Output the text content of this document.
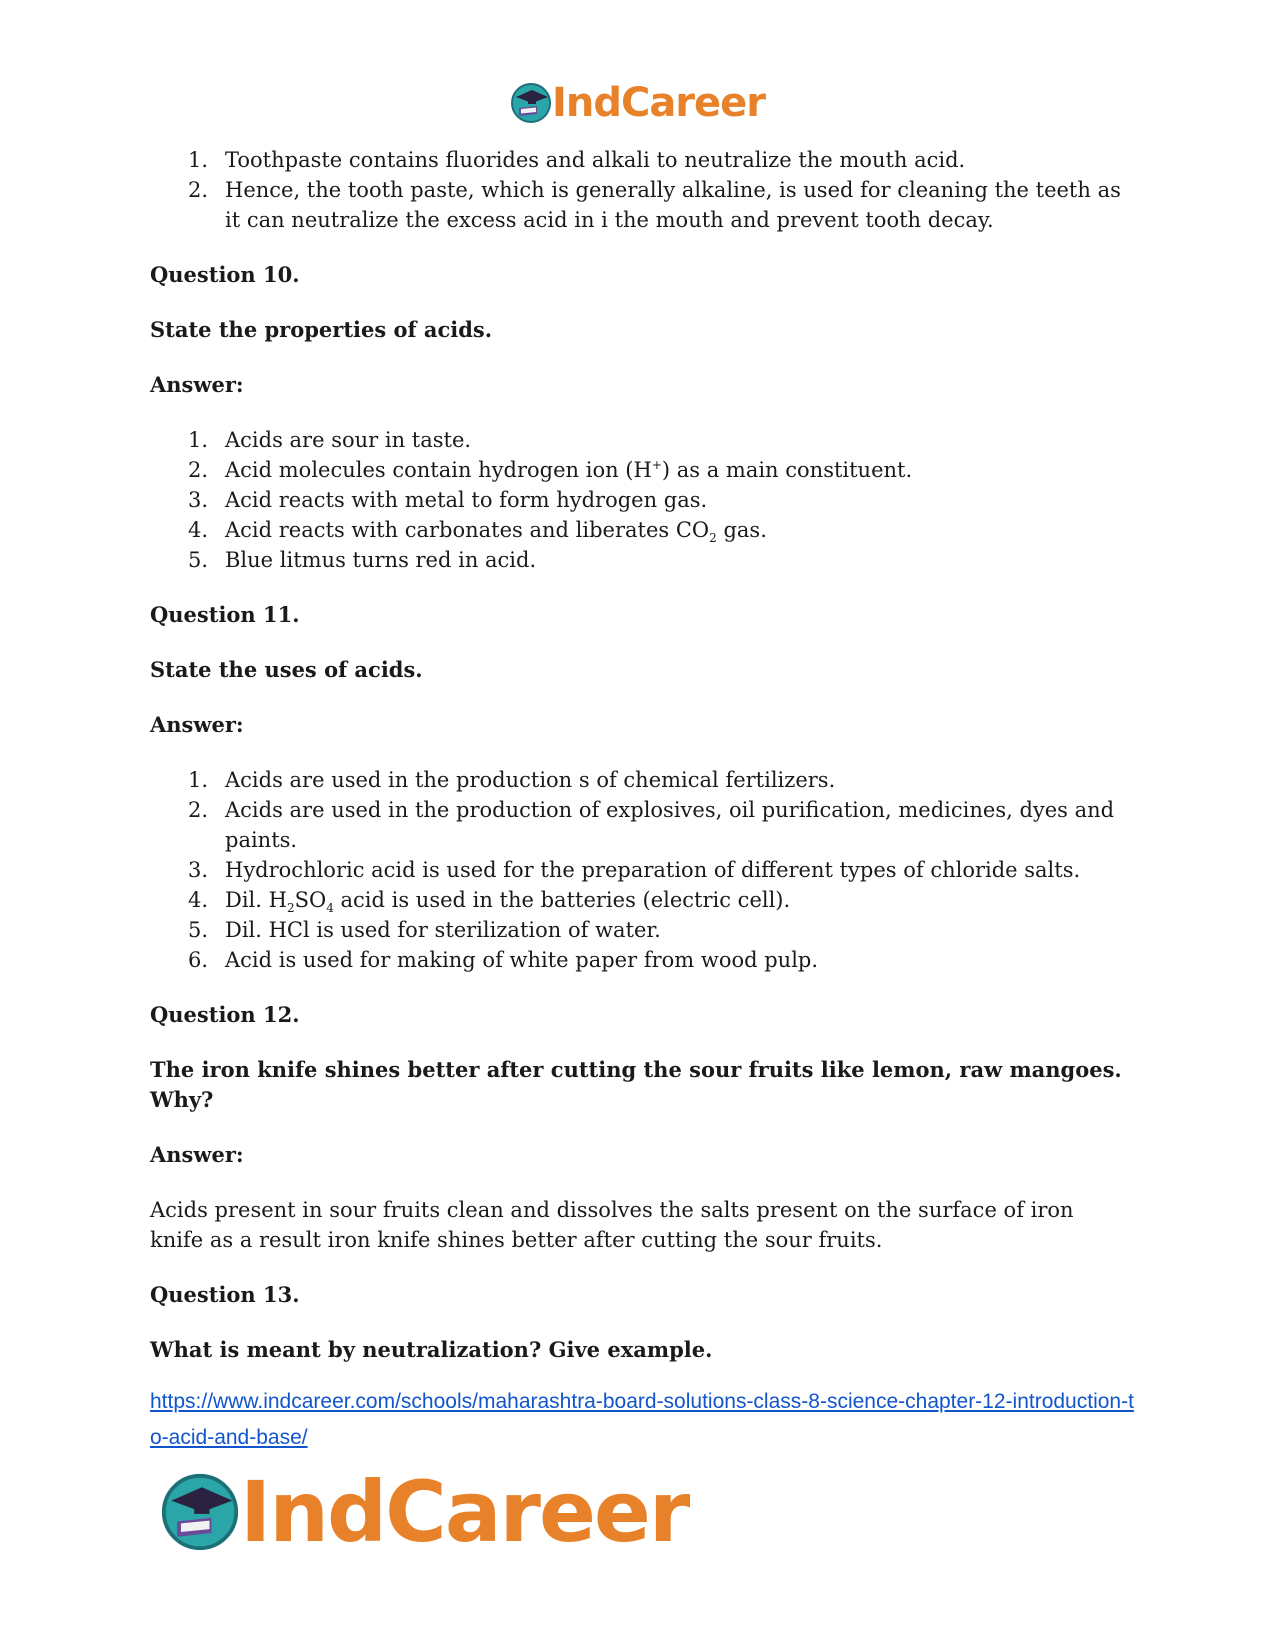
IndCareer
1. Toothpaste contains fluorides and alkali to neutralize the mouth acid.
2. Hence, the tooth paste, which is generally alkaline, is used for cleaning the teeth as it can neutralize the excess acid in i the mouth and prevent tooth decay.

Question 10.

State the properties of acids.

Answer:

1. Acids are sour in taste.
2. Acid molecules contain hydrogen ion (H+) as a main constituent.
3. Acid reacts with metal to form hydrogen gas.
4. Acid reacts with carbonates and liberates $CO_2$ gas.
5. Blue litmus turns red in acid.

Question 11.

State the uses of acids.

Answer:

1. Acids are used in the production s of chemical fertilizers.
2. Acids are used in the production of explosives, oil purification, medicines, dyes and paints.
3. Hydrochloric acid is used for the preparation of different types of chloride salts.
4. Dil. $H_2SO_4$ acid is used in the batteries (electric cell).
5. Dil. HCl is used for sterilization of water.
6. Acid is used for making of white paper from wood pulp.

Question 12.

The iron knife shines better after cutting the sour fruits like lemon, raw mangoes. Why?

Answer:

Acids present in sour fruits clean and dissolves the salts present on the surface of iron knife as a result iron knife shines better after cutting the sour fruits.

Question 13.

What is meant by neutralization? Give example.

https://www.indcareer.com/schools/maharashtra-board-solutions-class-8-science-chapter-12-introduction-to-acid-and-base/
IndCareer
